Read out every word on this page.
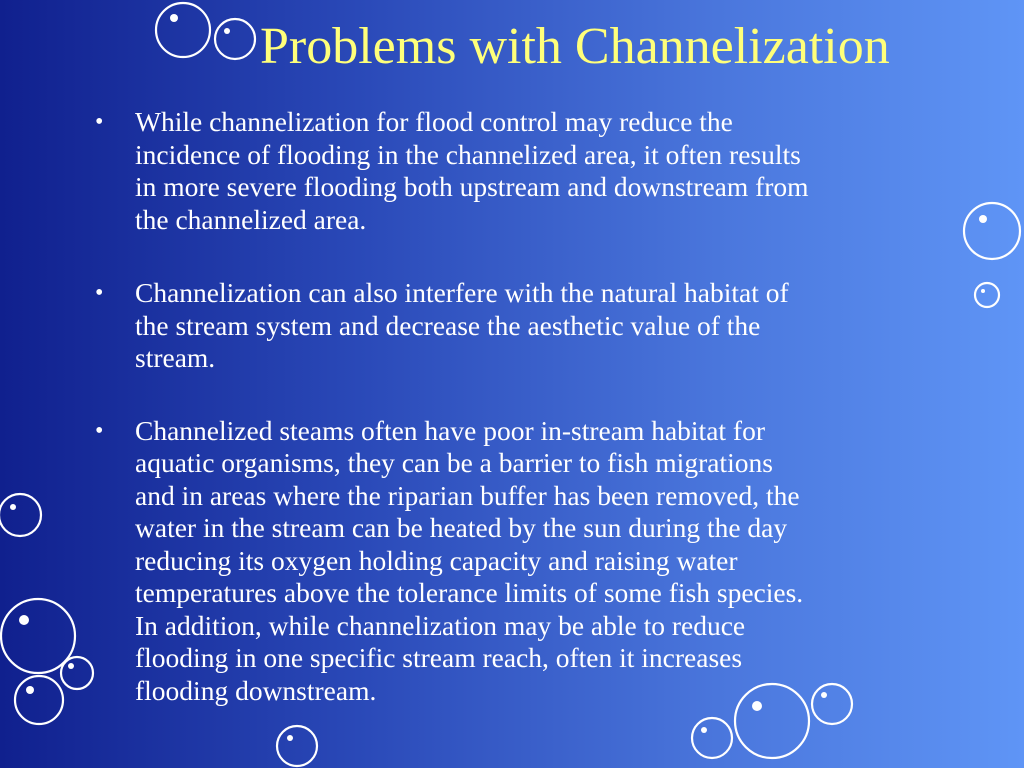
Problems with Channelization
• While channelization for flood control may reduce the
incidence of flooding in the channelized area, it often results
in more severe flooding both upstream and downstream from
the channelized area.
• Channelization can also interfere with the natural habitat of
the stream system and decrease the aesthetic value of the
stream.
• Channelized steams often have poor in-stream habitat for
aquatic organisms, they can be a barrier to fish migrations
and in areas where the riparian buffer has been removed, the
water in the stream can be heated by the sun during the day
reducing its oxygen holding capacity and raising water
temperatures above the tolerance limits of some fish species.
In addition, while channelization may be able to reduce
flooding in one specific stream reach, often it increases
flooding downstream.
